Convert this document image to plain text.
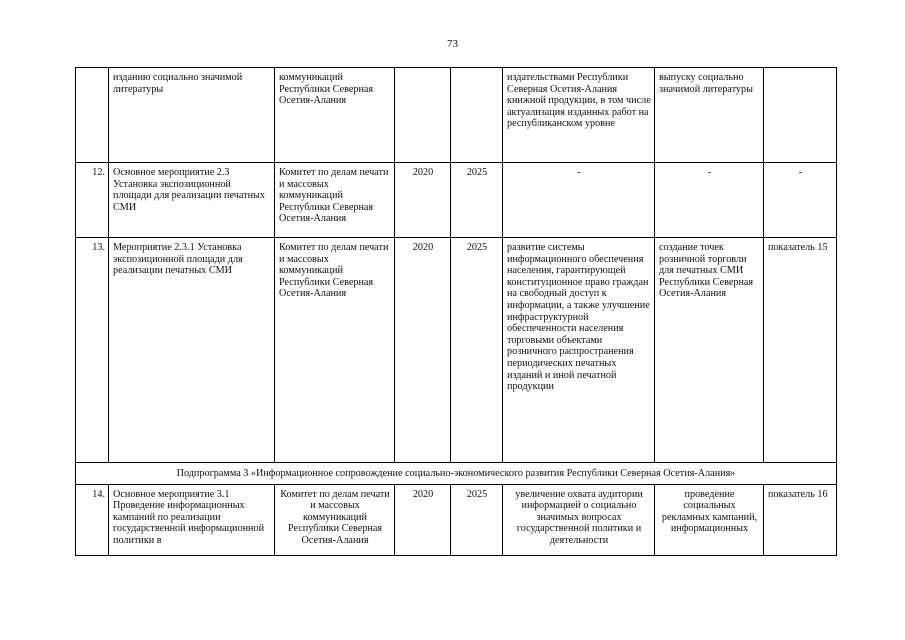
73
	изданию социально значимой литературы	коммуникаций Республики Северная Осетия-Алания			издательствами Республики Северная Осетия-Алания книжной продукции, в том числе актуализация изданных работ на республиканском уровне	выпуску социально значимой литературы	
12.	Основное мероприятие 2.3 Установка экспозиционной площади для реализации печатных СМИ	Комитет по делам печати и массовых коммуникаций Республики Северная Осетия-Алания	2020	2025	-	-	-
13.	Мероприятие 2.3.1 Установка экспозиционной площади для реализации печатных СМИ	Комитет по делам печати и массовых коммуникаций Республики Северная Осетия-Алания	2020	2025	развитие системы информационного обеспечения населения, гарантирующей конституционное право граждан на свободный доступ к информации, а также улучшение инфраструктурной обеспеченности населения торговыми объектами розничного распространения периодических печатных изданий и иной печатной продукции	создание точек розничной торговли для печатных СМИ Республики Северная Осетия-Алания	показатель 15
Подпрограмма 3 «Информационное сопровождение социально-экономического развития Республики Северная Осетия-Алания»							
14.	Основное мероприятие 3.1 Проведение информационных кампаний по реализации государственной информационной политики в	Комитет по делам печати и массовых коммуникаций Республики Северная Осетия-Алания	2020	2025	увеличение охвата аудитории информацией о социально значимых вопросах государственной политики и деятельности	проведение социальных рекламных кампаний, информационных	показатель 16
